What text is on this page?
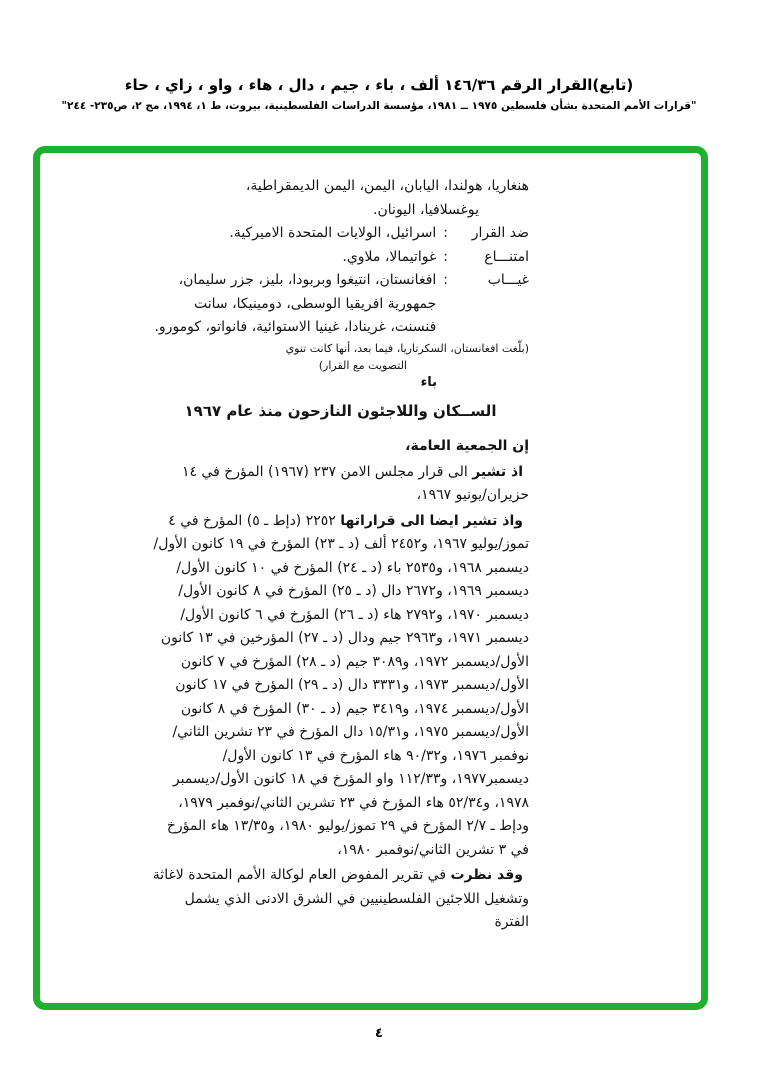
(تابع)القرار الرقم ١٤٦/٣٦ ألف ، باء ، جيم ، دال ، هاء ، واو ، زاي ، حاء
"قرارات الأمم المتحدة بشأن فلسطين ١٩٧٥ ــ ١٩٨١، مؤسسة الدراسات الفلسطينية، بيروت، ط ١، ١٩٩٤، مج ٢، ص٢٣٥- ٢٤٤"
هنغاريا، هولندا، اليابان، اليمن، اليمن الديمقراطية،
يوغسلافيا، اليونان.
ضد القرار
:
اسرائيل، الولايات المتحدة الاميركية.
امتنـــاع
:
غواتيمالا، ملاوي.
غيـــاب
:
افغانستان، انتيغوا وبربودا، بليز، جزر سليمان، جمهورية افريقيا الوسطى، دومينيكا، سانت فنسنت، غرينادا، غينيا الاستوائية، فانواتو، كومورو.
(بلّغت افغانستان، السكرتاريا، فيما بعد، أنها كانت تنوي
التصويت مع القرار)
باء
الســكان واللاجئون النازحون منذ عام ١٩٦٧
إن الجمعية العامة،

اذ تشير الى قرار مجلس الامن ٢٣٧ (١٩٦٧) المؤرخ في ١٤ حزيران/يونيو ١٩٦٧،

واذ تشير ايضا الى قراراتها ٢٢٥٢ (دإط ـ ٥) المؤرخ في ٤ تموز/يوليو ١٩٦٧، و٢٤٥٢ ألف (د ـ ٢٣) المؤرخ في ١٩ كانون الأول/ديسمبر ١٩٦٨، و٢٥٣٥ باء (د ـ ٢٤) المؤرخ في ١٠ كانون الأول/ديسمبر ١٩٦٩، و٢٦٧٢ دال (د ـ ٢٥) المؤرخ في ٨ كانون الأول/ديسمبر ١٩٧٠، و٢٧٩٢ هاء (د ـ ٢٦) المؤرخ في ٦ كانون الأول/ديسمبر ١٩٧١، و٢٩٦٣ جيم ودال (د ـ ٢٧) المؤرخين في ١٣ كانون الأول/ديسمبر ١٩٧٢، و٣٠٨٩ جيم (د ـ ٢٨) المؤرخ في ٧ كانون الأول/ديسمبر ١٩٧٣، و٣٣٣١ دال (د ـ ٢٩) المؤرخ في ١٧ كانون الأول/ديسمبر ١٩٧٤، و٣٤١٩ جيم (د ـ ٣٠) المؤرخ في ٨ كانون الأول/ديسمبر ١٩٧٥، و١٥/٣١ دال المؤرخ في ٢٣ تشرين الثاني/نوفمبر ١٩٧٦، و٩٠/٣٢ هاء المؤرخ في ١٣ كانون الأول/ديسمبر١٩٧٧، و١١٢/٣٣ واو المؤرخ في ١٨ كانون الأول/ديسمبر ١٩٧٨، و٥٢/٣٤ هاء المؤرخ في ٢٣ تشرين الثاني/نوفمبر ١٩٧٩، ودإط ـ ٢/٧ المؤرخ في ٢٩ تموز/يوليو ١٩٨٠، و١٣/٣٥ هاء المؤرخ في ٣ تشرين الثاني/نوفمبر ١٩٨٠،

وقد نظرت في تقرير المفوض العام لوكالة الأمم المتحدة لاغاثة وتشغيل اللاجئين الفلسطينيين في الشرق الادنى الذي يشمل الفترة

٤
